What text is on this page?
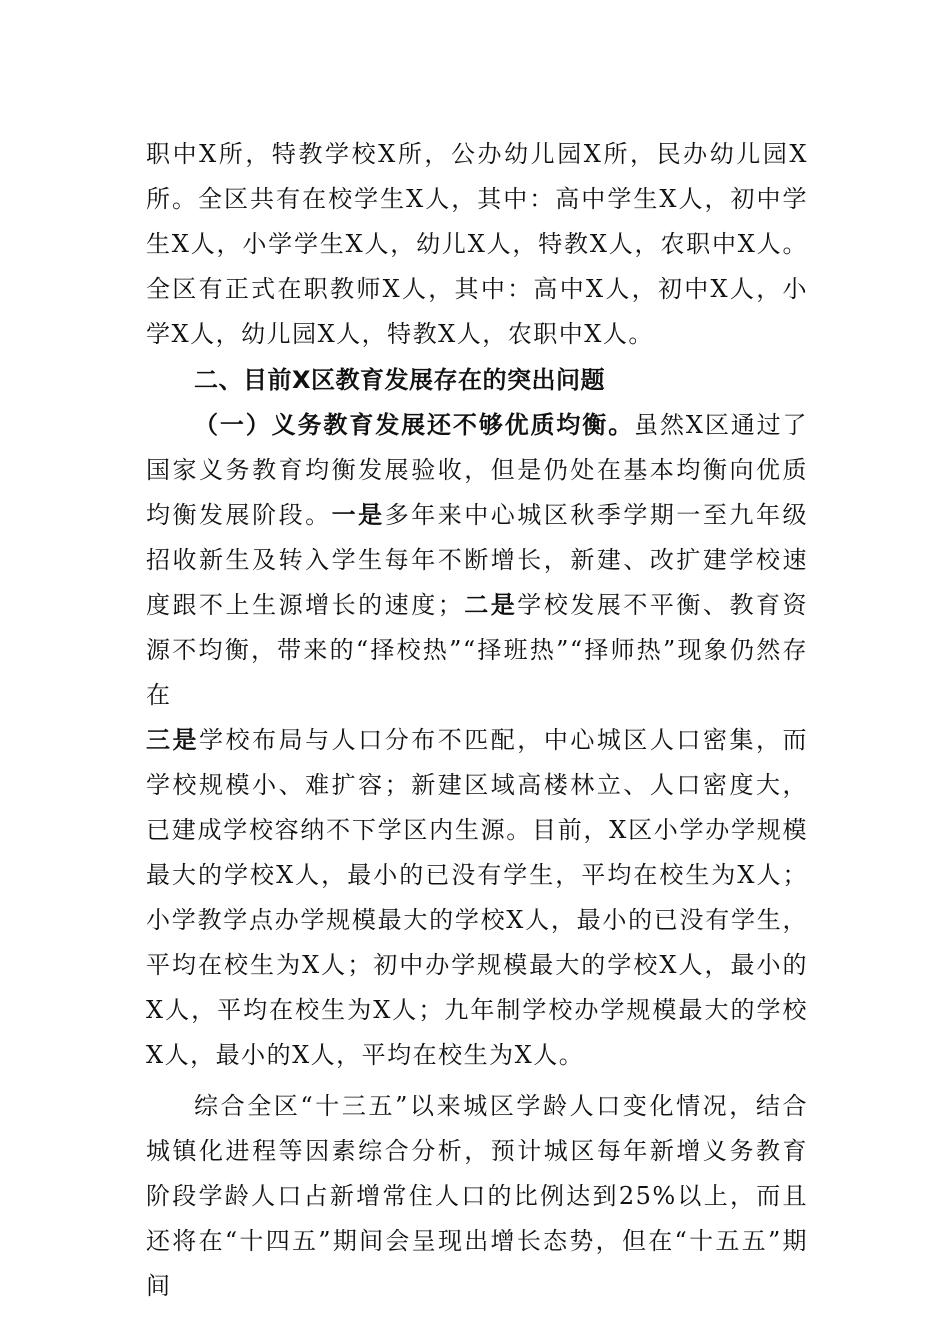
职中X所，特教学校X所，公办幼儿园X所，民办幼儿园X所。全区共有在校学生X人，其中：高中学生X人，初中学生X人，小学学生X人，幼儿X人，特教X人，农职中X人。全区有正式在职教师X人，其中：高中X人，初中X人，小学X人，幼儿园X人，特教X人，农职中X人。

二、目前X区教育发展存在的突出问题

（一）义务教育发展还不够优质均衡。虽然X区通过了国家义务教育均衡发展验收，但是仍处在基本均衡向优质均衡发展阶段。一是多年来中心城区秋季学期一至九年级招收新生及转入学生每年不断增长，新建、改扩建学校速度跟不上生源增长的速度；二是学校发展不平衡、教育资源不均衡，带来的“择校热”“择班热”“择师热”现象仍然存在
三是学校布局与人口分布不匹配，中心城区人口密集，而学校规模小、难扩容；新建区域高楼林立、人口密度大，已建成学校容纳不下学区内生源。目前，X区小学办学规模最大的学校X人，最小的已没有学生，平均在校生为X人；小学教学点办学规模最大的学校X人，最小的已没有学生，平均在校生为X人；初中办学规模最大的学校X人，最小的X人，平均在校生为X人；九年制学校办学规模最大的学校X人，最小的X人，平均在校生为X人。

综合全区“十三五”以来城区学龄人口变化情况，结合城镇化进程等因素综合分析，预计城区每年新增义务教育阶段学龄人口占新增常住人口的比例达到25%以上，而且还将在“十四五”期间会呈现出增长态势，但在“十五五”期间
